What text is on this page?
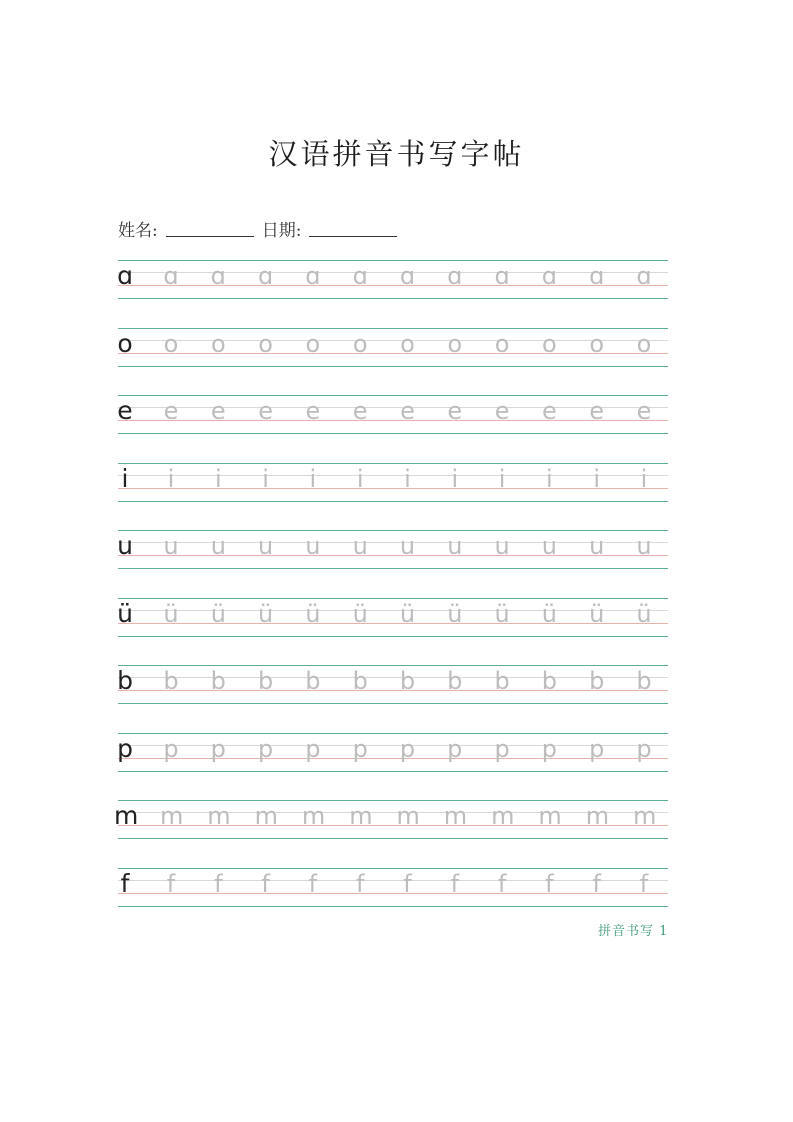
汉语拼音书写字帖
姓名:	日期:
ɑ ɑ ɑ ɑ ɑ ɑ ɑ ɑ ɑ ɑ ɑ ɑ
o o o o o o o o o o o o
e e e e e e e e e e e e
i	i	i	i	i	i	i	i	i	i	i	i
u u u u u u u u u u u u
ü ü ü ü ü ü ü ü ü ü ü ü
b b b b b b b b b b b b
p p p p p p p p p p p p
m m m m m m m m m m m m
f f f f f f f f f f f f
拼音书写 1
